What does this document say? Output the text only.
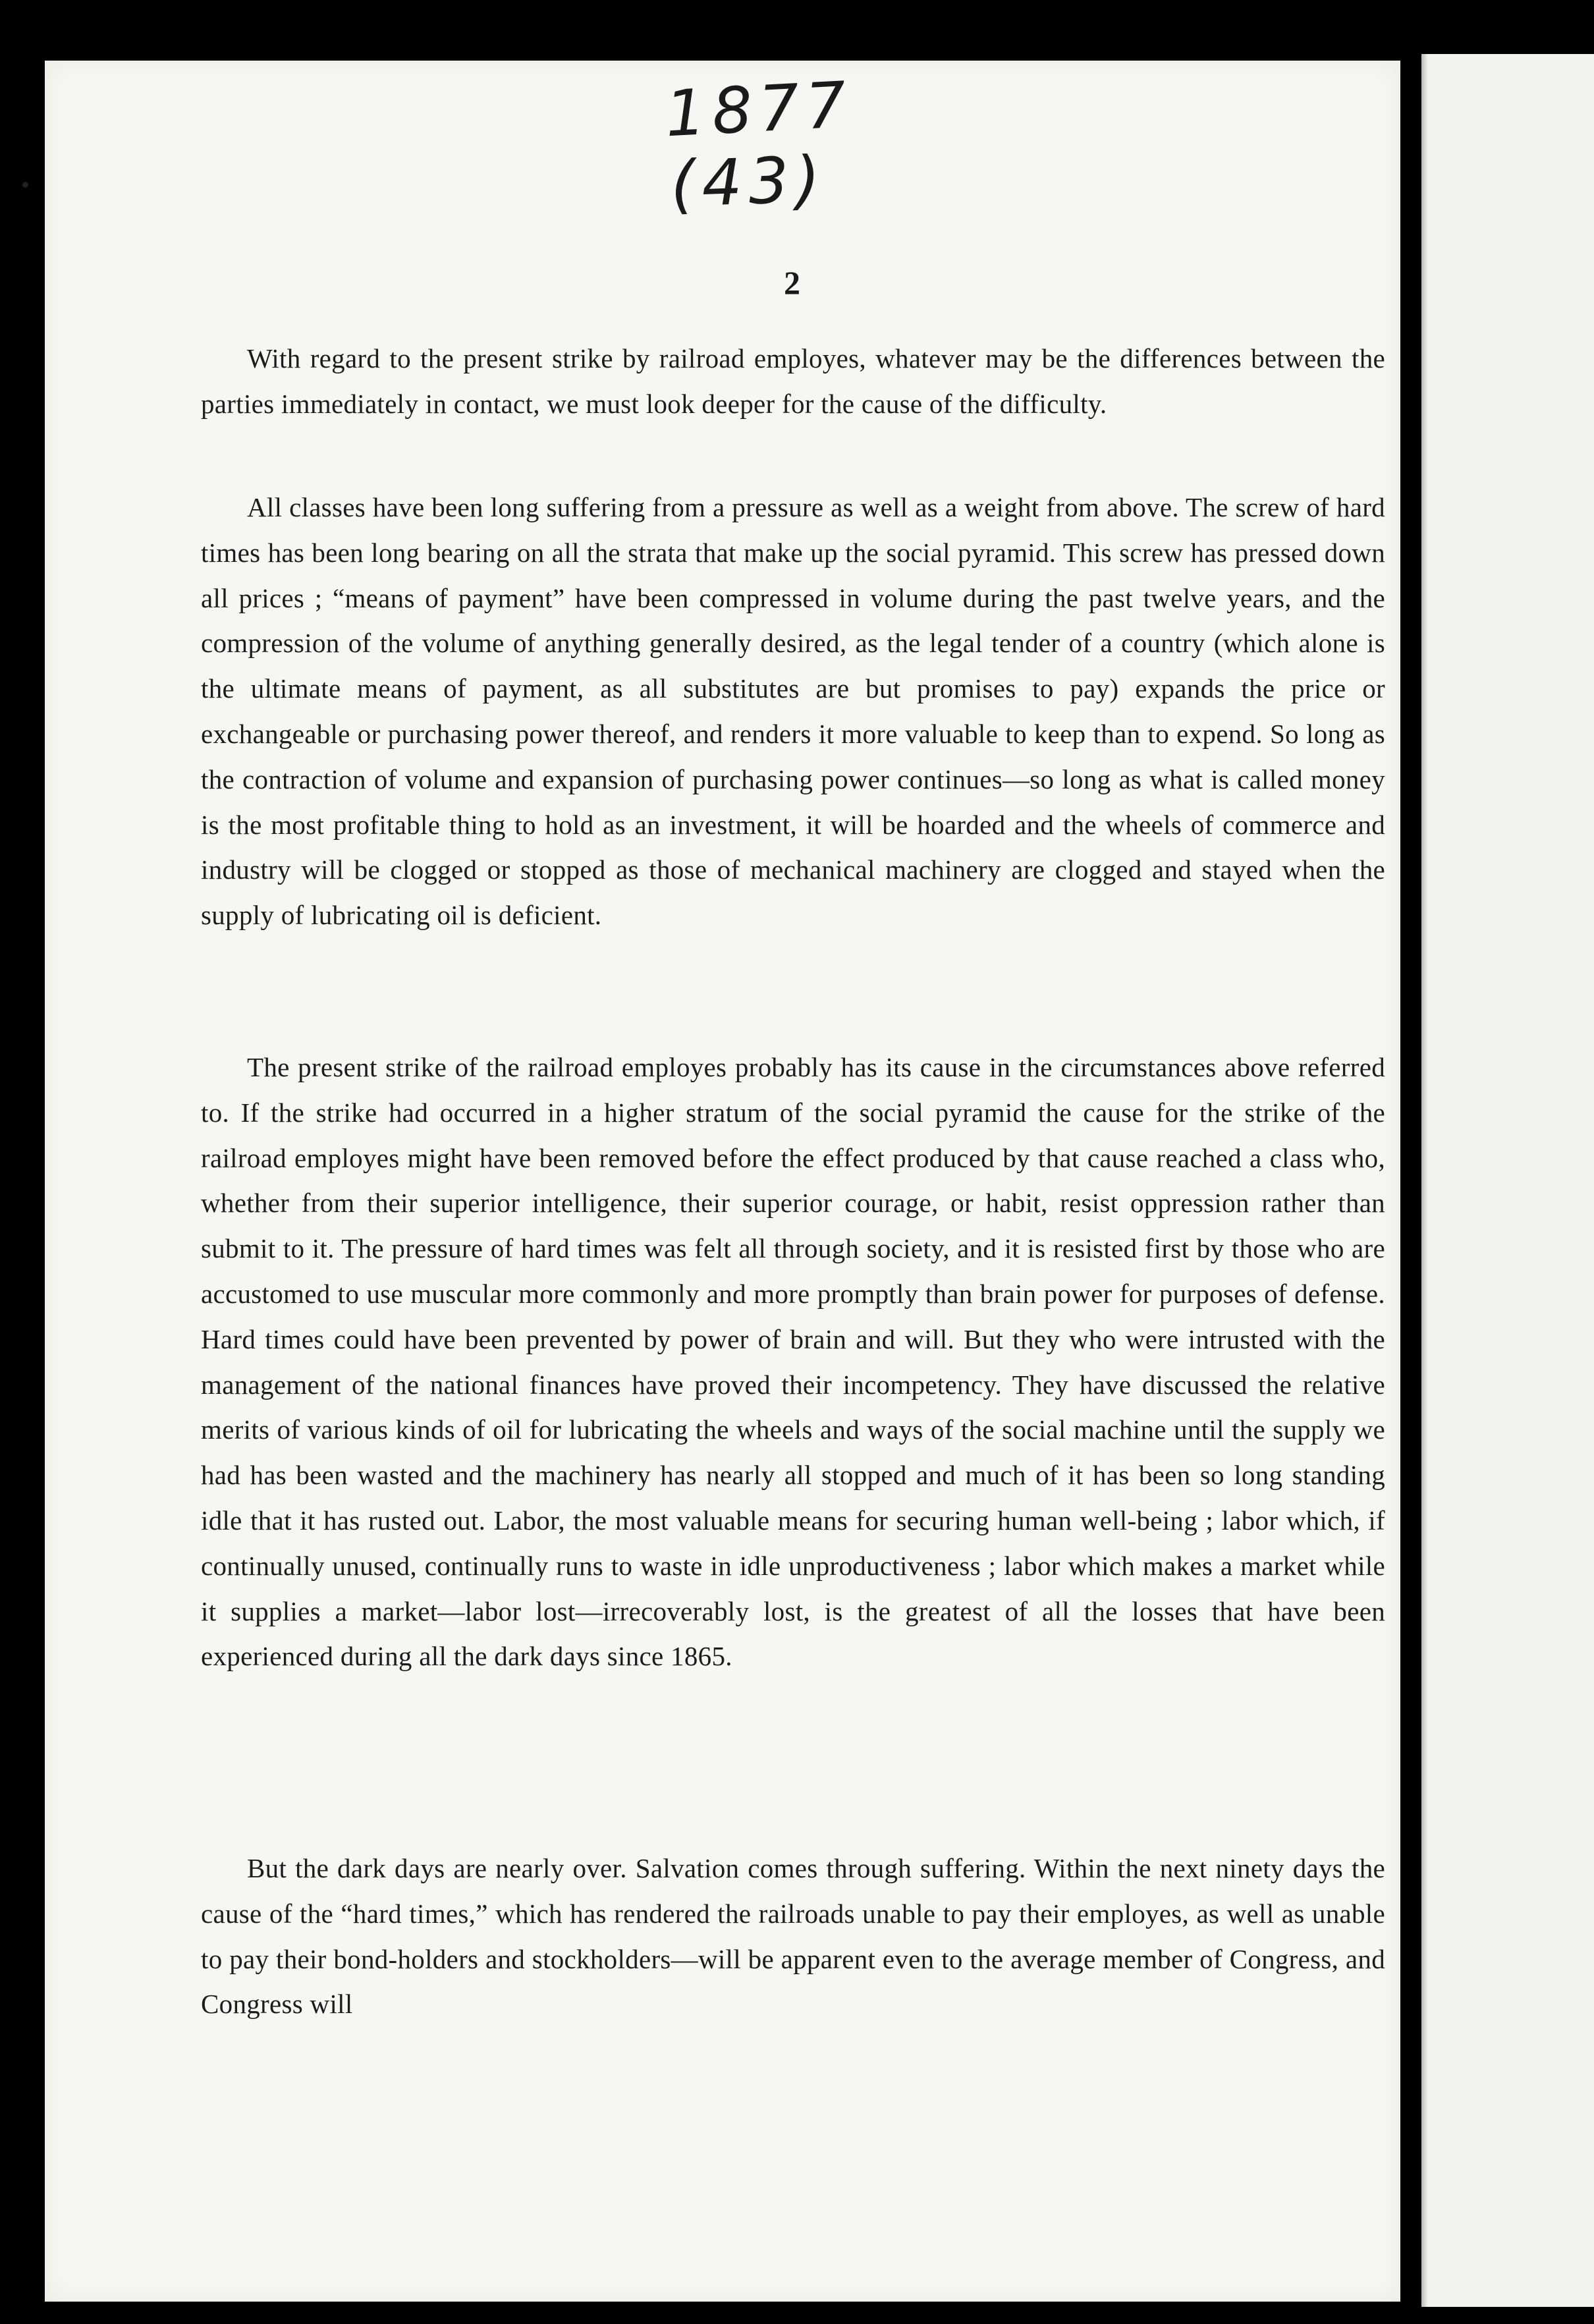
1877
(43)
2

With regard to the present strike by railroad employes, whatever may be the differences between the parties immediately in contact, we must look deeper for the cause of the difficulty.

All classes have been long suffering from a pressure as well as a weight from above. The screw of hard times has been long bearing on all the strata that make up the social pyramid. This screw has pressed down all prices ; “means of payment” have been compressed in volume during the past twelve years, and the compression of the volume of anything generally desired, as the legal tender of a country (which alone is the ultimate means of payment, as all substitutes are but promises to pay) expands the price or exchangeable or purchasing power thereof, and renders it more valuable to keep than to expend. So long as the contraction of volume and expansion of purchasing power continues—so long as what is called money is the most profitable thing to hold as an investment, it will be hoarded and the wheels of commerce and industry will be clogged or stopped as those of mechanical machinery are clogged and stayed when the supply of lubricating oil is deficient.

The present strike of the railroad employes probably has its cause in the circumstances above referred to. If the strike had occurred in a higher stratum of the social pyramid the cause for the strike of the railroad employes might have been removed before the effect produced by that cause reached a class who, whether from their superior intelligence, their superior courage, or habit, resist oppression rather than submit to it. The pressure of hard times was felt all through society, and it is resisted first by those who are accustomed to use muscular more commonly and more promptly than brain power for purposes of defense. Hard times could have been prevented by power of brain and will. But they who were intrusted with the management of the national finances have proved their incompetency. They have discussed the relative merits of various kinds of oil for lubricating the wheels and ways of the social machine until the supply we had has been wasted and the machinery has nearly all stopped and much of it has been so long standing idle that it has rusted out. Labor, the most valuable means for securing human well-being ; labor which, if continually unused, continually runs to waste in idle unproductiveness ; labor which makes a market while it supplies a market—labor lost—irrecoverably lost, is the greatest of all the losses that have been experienced during all the dark days since 1865.

But the dark days are nearly over. Salvation comes through suffering. Within the next ninety days the cause of the “hard times,” which has rendered the railroads unable to pay their employes, as well as unable to pay their bond-holders and stockholders—will be apparent even to the average member of Congress, and Congress will
